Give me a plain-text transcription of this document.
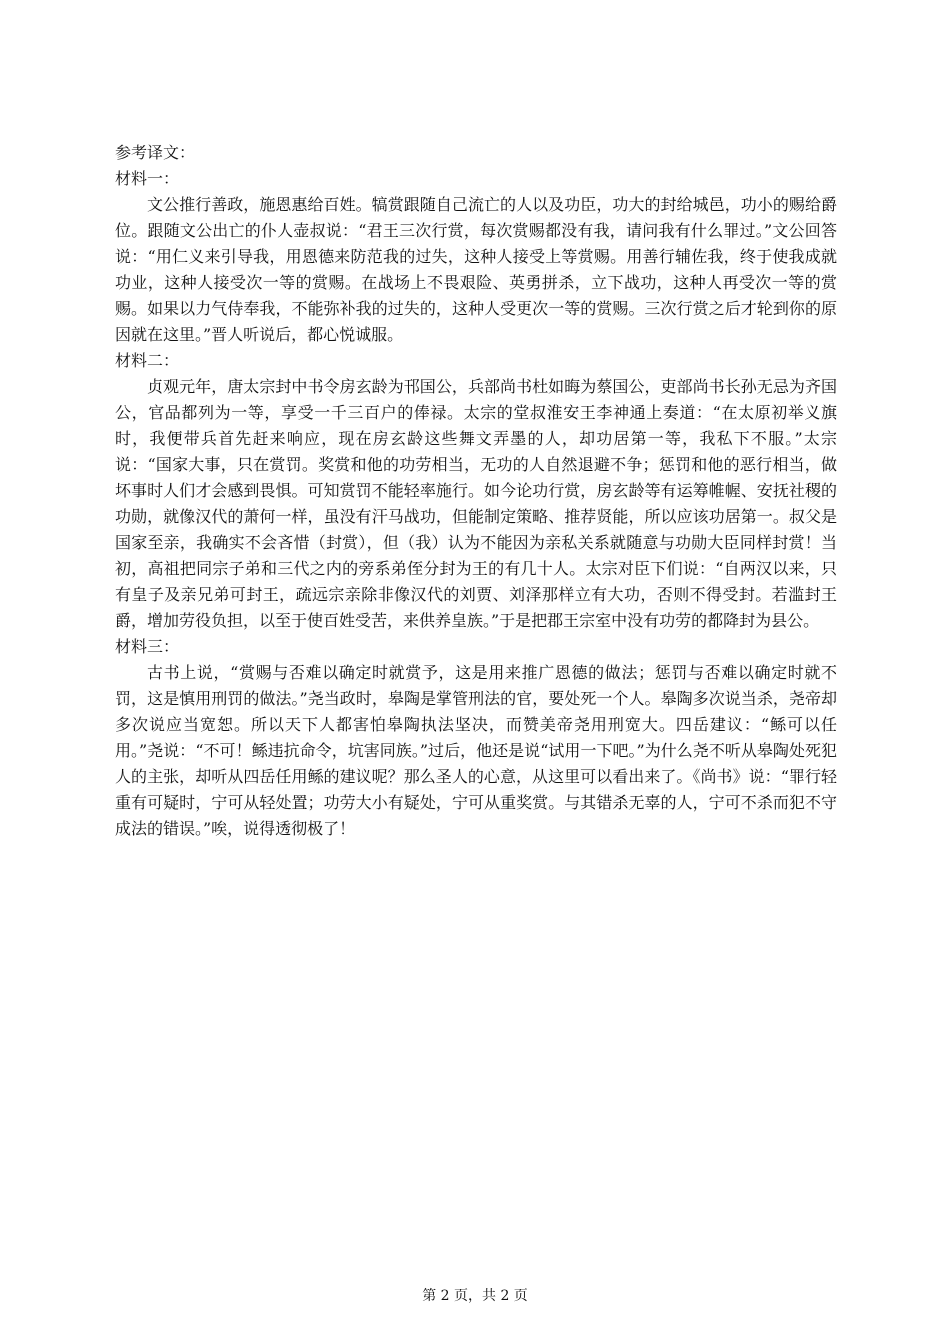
参考译文：

材料一：

文公推行善政，施恩惠给百姓。犒赏跟随自己流亡的人以及功臣，功大的封给城邑，功小的赐给爵位。跟随文公出亡的仆人壶叔说：“君王三次行赏，每次赏赐都没有我，请问我有什么罪过。”文公回答说：“用仁义来引导我，用恩德来防范我的过失，这种人接受上等赏赐。用善行辅佐我，终于使我成就功业，这种人接受次一等的赏赐。在战场上不畏艰险、英勇拼杀，立下战功，这种人再受次一等的赏赐。如果以力气侍奉我，不能弥补我的过失的，这种人受更次一等的赏赐。三次行赏之后才轮到你的原因就在这里。”晋人听说后，都心悦诚服。

材料二：

贞观元年，唐太宗封中书令房玄龄为邗国公，兵部尚书杜如晦为蔡国公，吏部尚书长孙无忌为齐国公，官品都列为一等，享受一千三百户的俸禄。太宗的堂叔淮安王李神通上奏道：“在太原初举义旗时，我便带兵首先赶来响应，现在房玄龄这些舞文弄墨的人，却功居第一等，我私下不服。”太宗说：“国家大事，只在赏罚。奖赏和他的功劳相当，无功的人自然退避不争；惩罚和他的恶行相当，做坏事时人们才会感到畏惧。可知赏罚不能轻率施行。如今论功行赏，房玄龄等有运筹帷幄、安抚社稷的功勋，就像汉代的萧何一样，虽没有汗马战功，但能制定策略、推荐贤能，所以应该功居第一。叔父是国家至亲，我确实不会吝惜（封赏），但（我）认为不能因为亲私关系就随意与功勋大臣同样封赏！当初，高祖把同宗子弟和三代之内的旁系弟侄分封为王的有几十人。太宗对臣下们说：“自两汉以来，只有皇子及亲兄弟可封王，疏远宗亲除非像汉代的刘贾、刘泽那样立有大功，否则不得受封。若滥封王爵，增加劳役负担，以至于使百姓受苦，来供养皇族。”于是把郡王宗室中没有功劳的都降封为县公。

材料三：

古书上说，“赏赐与否难以确定时就赏予，这是用来推广恩德的做法；惩罚与否难以确定时就不罚，这是慎用刑罚的做法。”尧当政时，皋陶是掌管刑法的官，要处死一个人。皋陶多次说当杀，尧帝却多次说应当宽恕。所以天下人都害怕皋陶执法坚决，而赞美帝尧用刑宽大。四岳建议：“鲧可以任用。”尧说：“不可！鲧违抗命令，坑害同族。”过后，他还是说“试用一下吧。”为什么尧不听从皋陶处死犯人的主张，却听从四岳任用鲧的建议呢？那么圣人的心意，从这里可以看出来了。《尚书》说：“罪行轻重有可疑时，宁可从轻处置；功劳大小有疑处，宁可从重奖赏。与其错杀无辜的人，宁可不杀而犯不守成法的错误。”唉，说得透彻极了！

第 2 页，共 2 页
